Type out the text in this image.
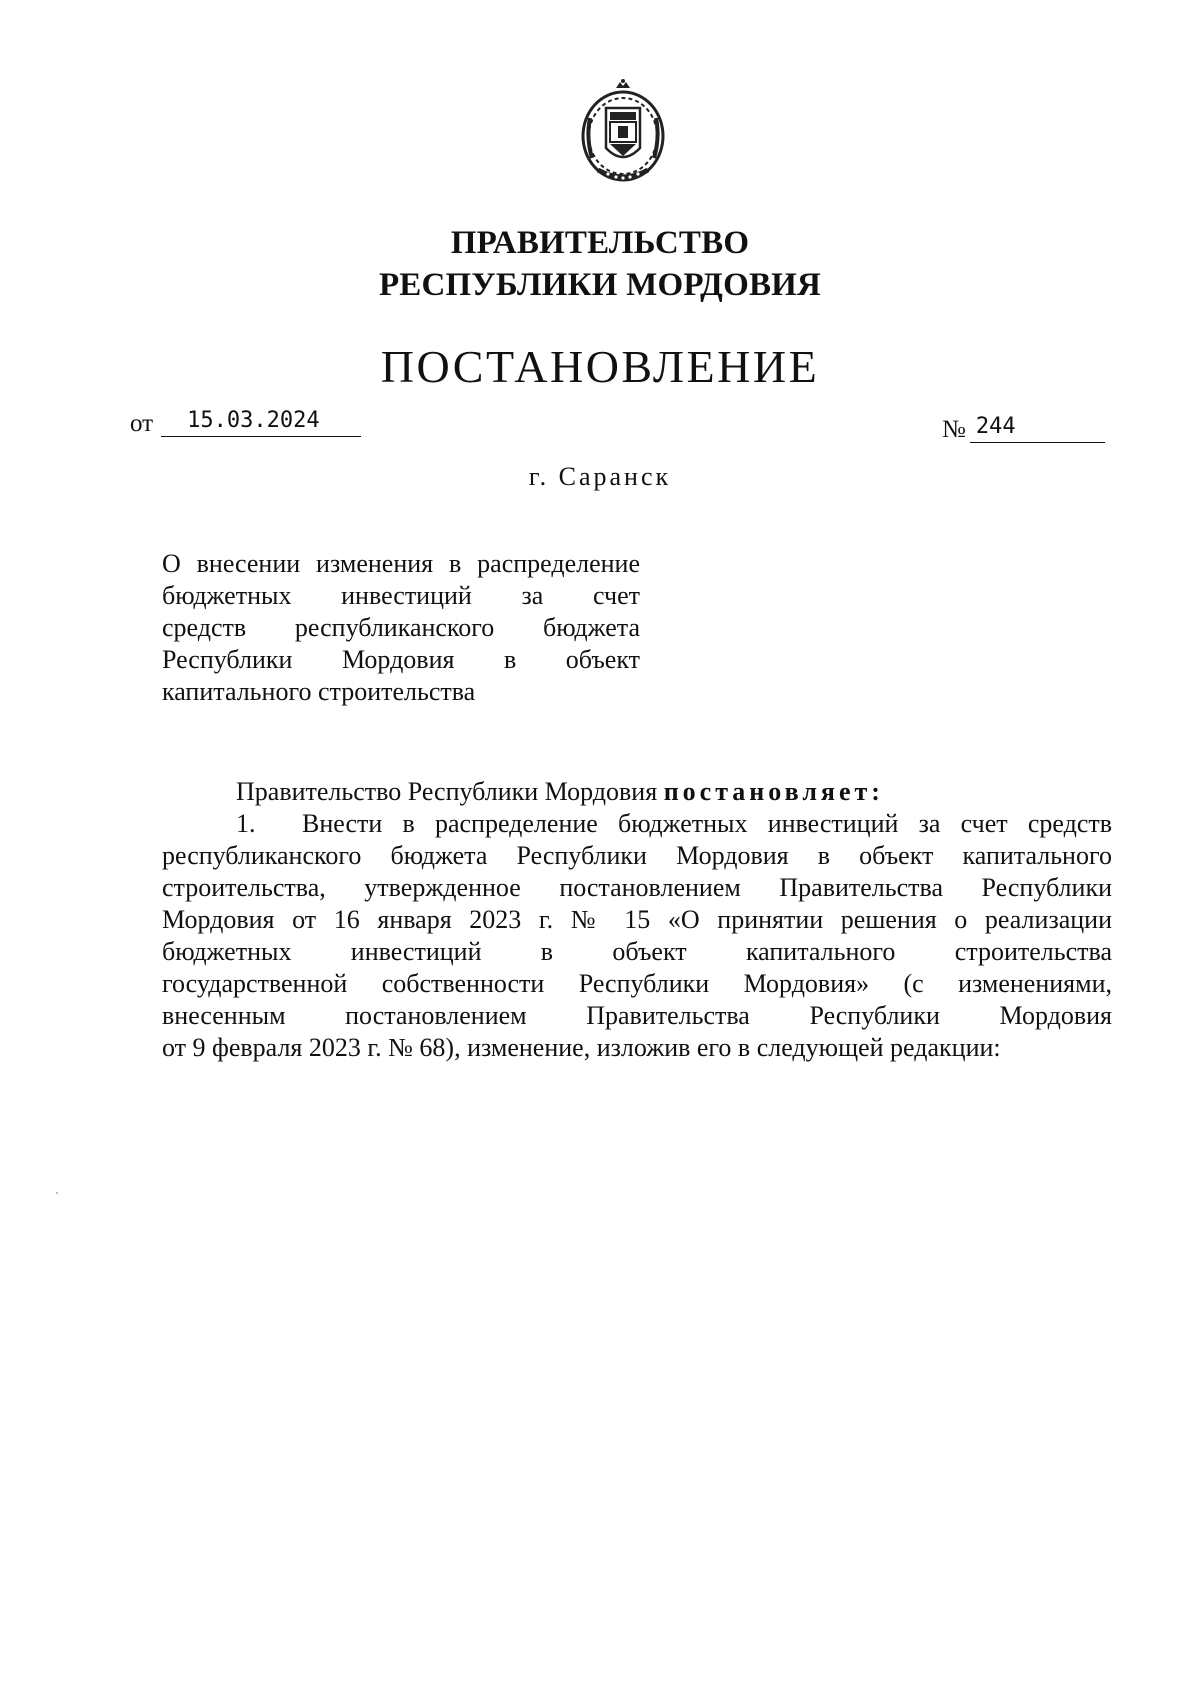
ПРАВИТЕЛЬСТВО
РЕСПУБЛИКИ МОРДОВИЯ
ПОСТАНОВЛЕНИЕ
от	15.03.2024	№ 244
г. Саранск
О внесении изменения в распределение
бюджетных инвестиций за счет
средств республиканского бюджета
Республики Мордовия в объект
капитального строительства
Правительство Республики Мордовия постановляет:
1. Внести в распределение бюджетных инвестиций за счет средств
республиканского бюджета Республики Мордовия в объект капитального
строительства, утвержденное постановлением Правительства Республики
Мордовия от 16 января 2023 г. № 15 «О принятии решения о реализации
бюджетных инвестиций в объект капитального строительства
государственной собственности Республики Мордовия» (с изменениями,
внесенным постановлением Правительства Республики Мордовия
от 9 февраля 2023 г. № 68), изменение, изложив его в следующей редакции:
